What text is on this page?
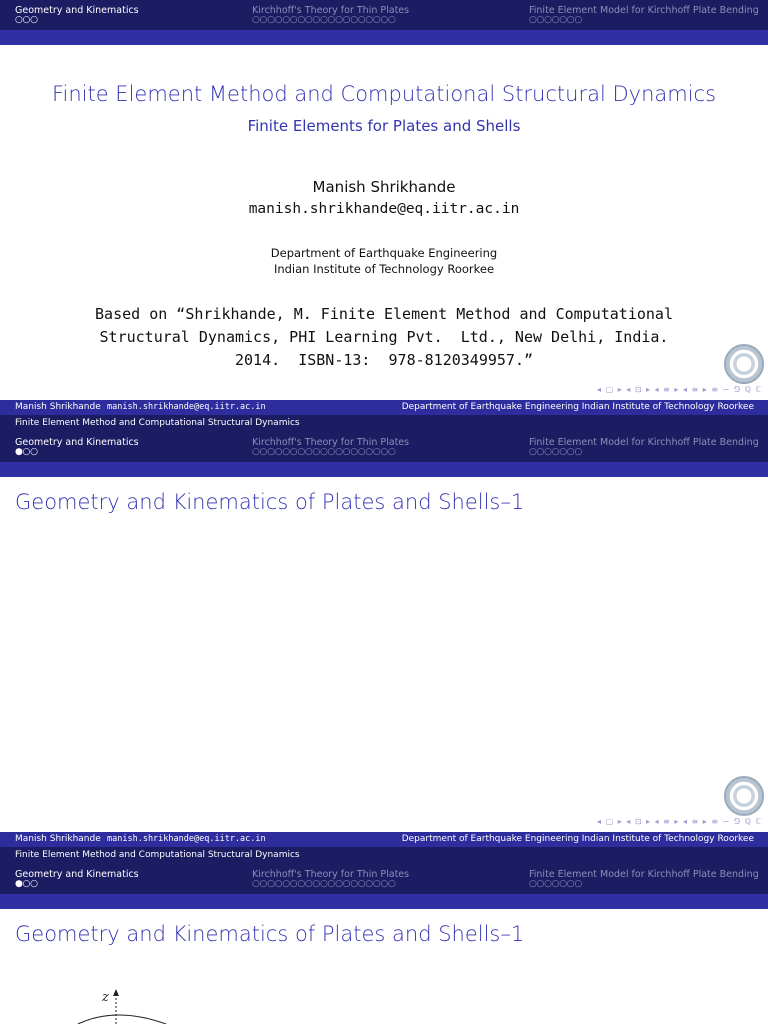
Geometry and Kinematics
○○○
Kirchhoff's Theory for Thin Plates
○○○○○○○○○○○○○○○○○○○
Finite Element Model for Kirchhoff Plate Bending
○○○○○○○
Finite Element Method and Computational Structural Dynamics
Finite Elements for Plates and Shells
Manish Shrikhande
manish.shrikhande@eq.iitr.ac.in
Department of Earthquake Engineering
Indian Institute of Technology Roorkee
Based on “Shrikhande, M. Finite Element Method and Computational
Structural Dynamics, PHI Learning Pvt.  Ltd., New Delhi, India.
2014.  ISBN-13:  978-8120349957.”
◂ ▢ ▸ ◂ ⊡ ▸ ◂ ≡ ▸ ◂ ≡ ▸ ≡ ∽ ⅁ ℚ ℂ
Manish Shrikhande manish.shrikhande@eq.iitr.ac.in	Department of Earthquake Engineering Indian Institute of Technology Roorkee
Finite Element Method and Computational Structural Dynamics
Geometry and Kinematics
●○○
Kirchhoff's Theory for Thin Plates
○○○○○○○○○○○○○○○○○○○
Finite Element Model for Kirchhoff Plate Bending
○○○○○○○
Geometry and Kinematics of Plates and Shells–1
◂ ▢ ▸ ◂ ⊡ ▸ ◂ ≡ ▸ ◂ ≡ ▸ ≡ ∽ ⅁ ℚ ℂ
Manish Shrikhande manish.shrikhande@eq.iitr.ac.in	Department of Earthquake Engineering Indian Institute of Technology Roorkee
Finite Element Method and Computational Structural Dynamics
Geometry and Kinematics
●○○
Kirchhoff's Theory for Thin Plates
○○○○○○○○○○○○○○○○○○○
Finite Element Model for Kirchhoff Plate Bending
○○○○○○○
Geometry and Kinematics of Plates and Shells–1
z
